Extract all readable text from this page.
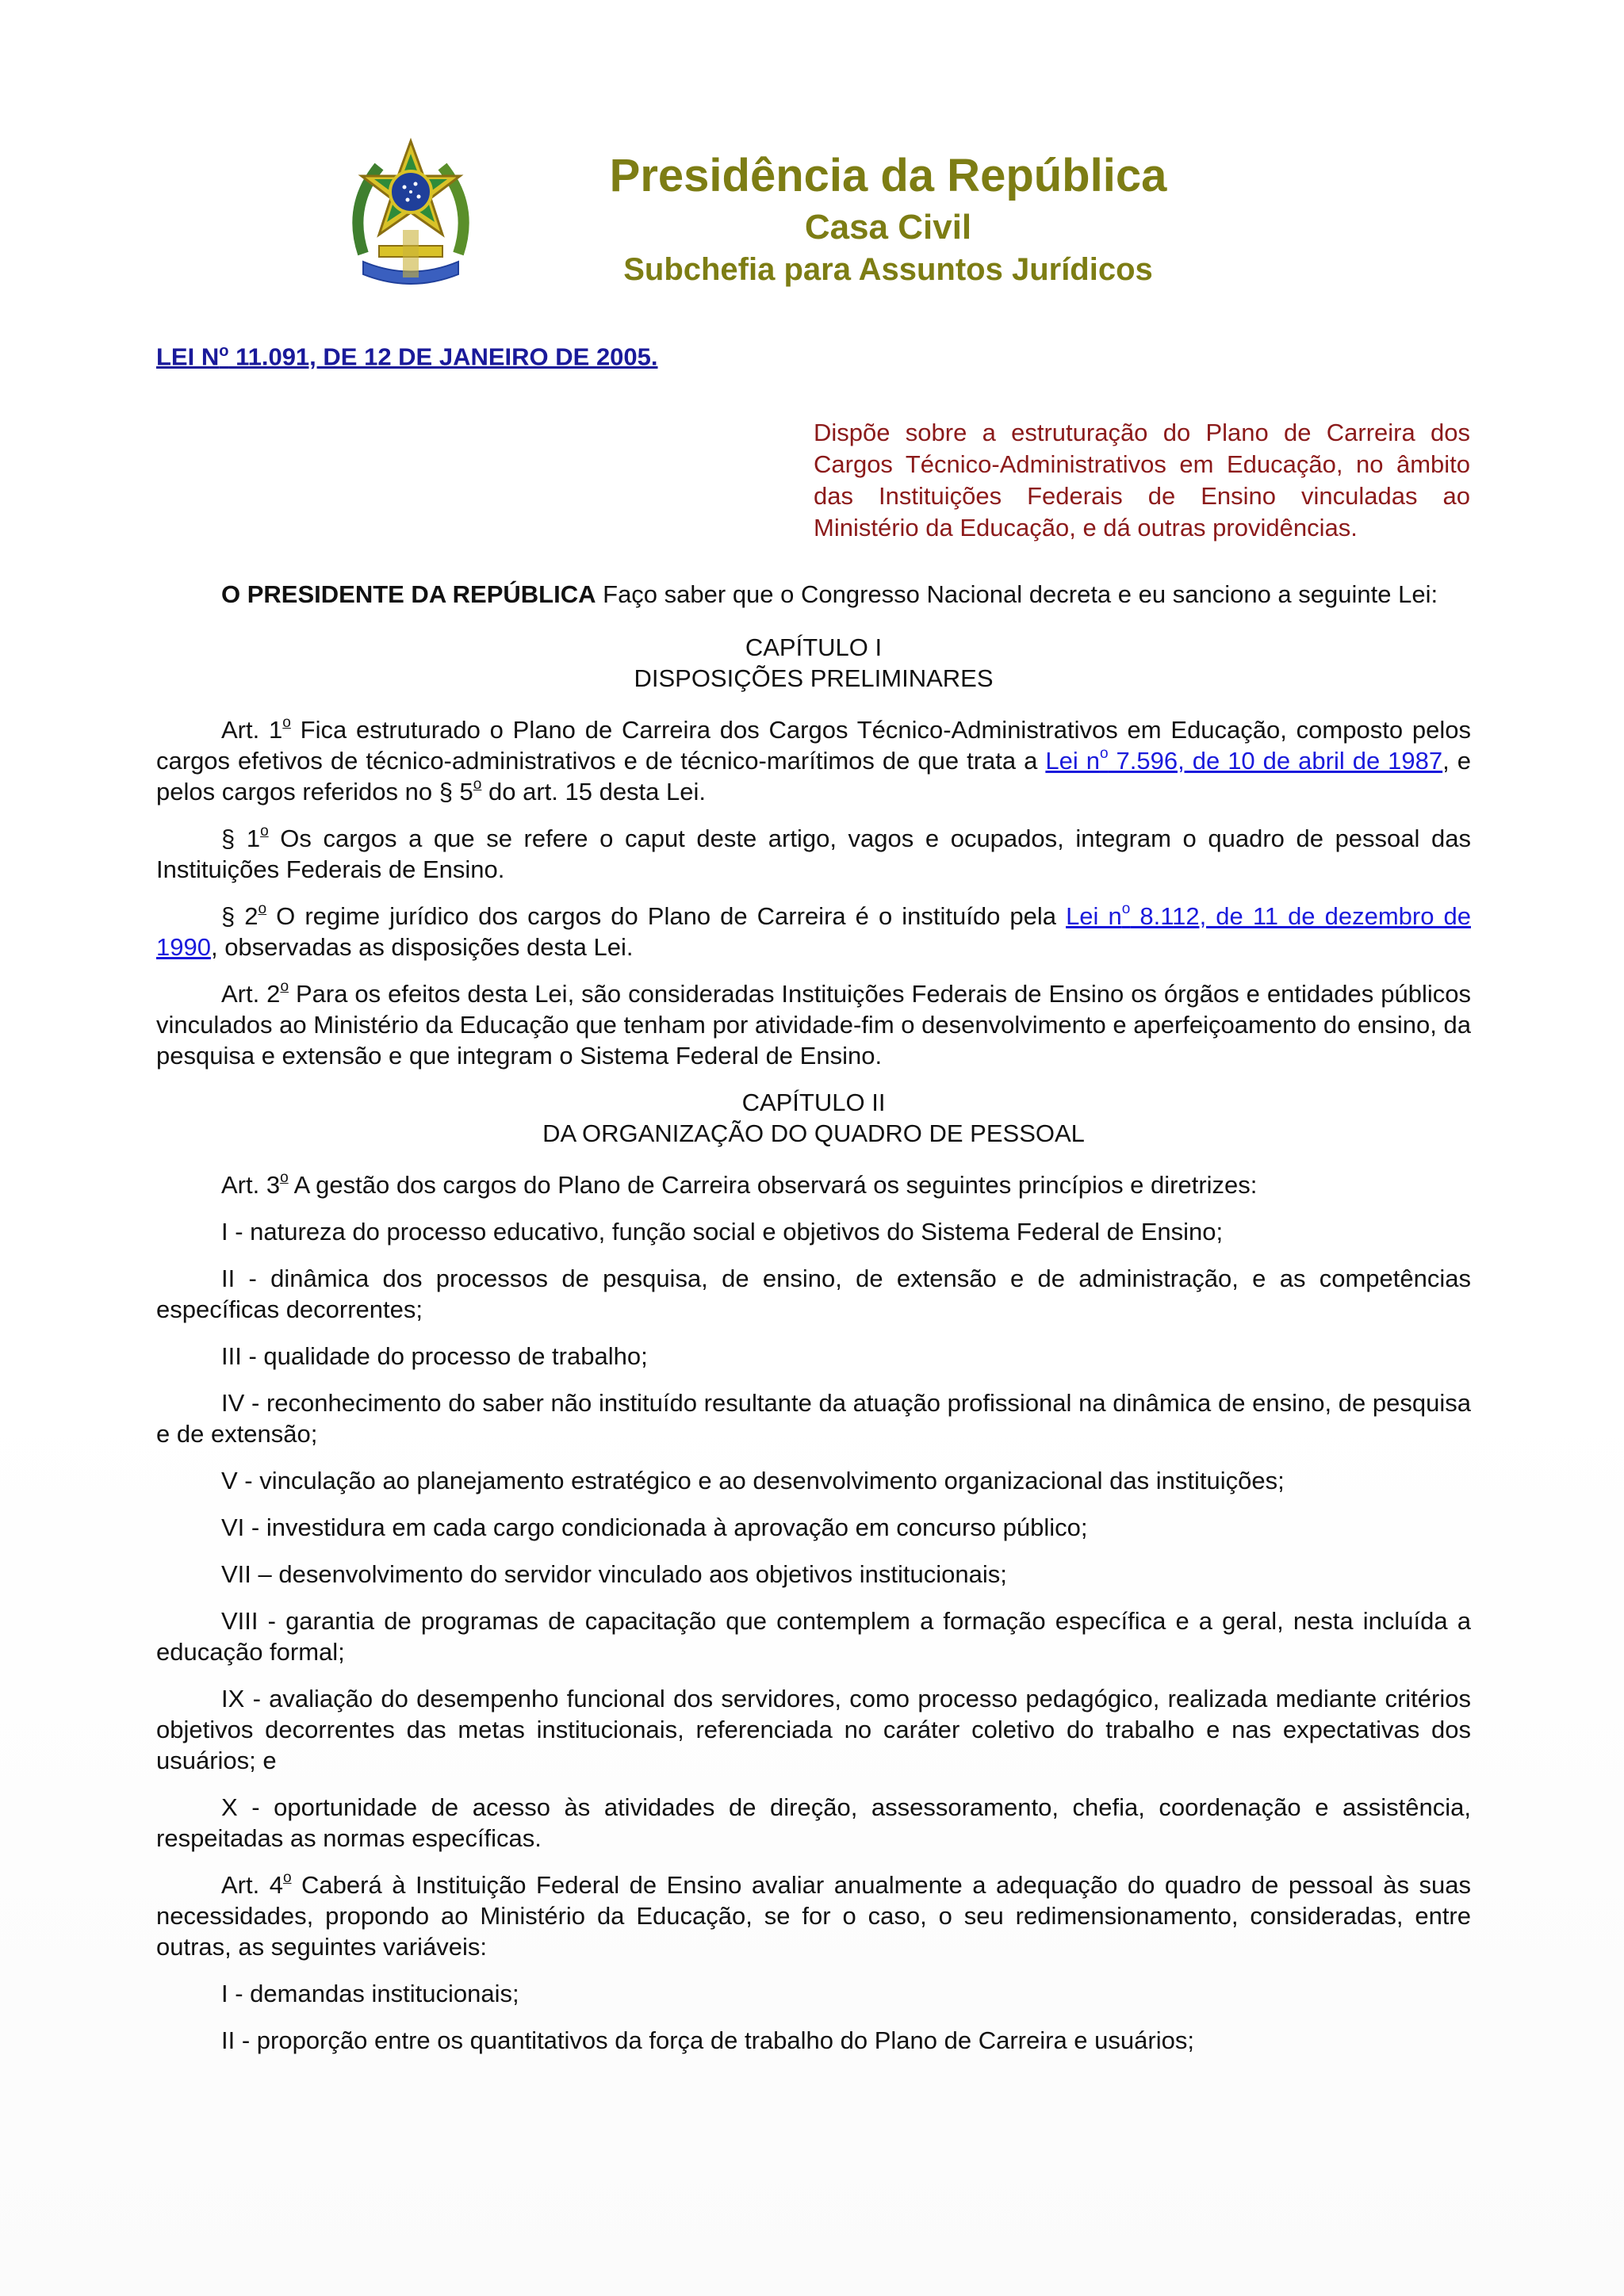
Presidência da República
Casa Civil
Subchefia para Assuntos Jurídicos
LEI $N^o$ 11.091, DE 12 DE JANEIRO DE 2005.
Dispõe sobre a estruturação do Plano de Carreira dos Cargos Técnico-Administrativos em Educação, no âmbito das Instituições Federais de Ensino vinculadas ao Ministério da Educação, e dá outras providências.

O PRESIDENTE DA REPÚBLICA Faço saber que o Congresso Nacional decreta e eu sanciono a seguinte Lei:

CAPÍTULO I
DISPOSIÇÕES PRELIMINARES

Art. 1$^o$ Fica estruturado o Plano de Carreira dos Cargos Técnico-Administrativos em Educação, composto pelos cargos efetivos de técnico-administrativos e de técnico-marítimos de que trata a Lei $n^o$ 7.596, de 10 de abril de 1987, e pelos cargos referidos no § 5$^o$ do art. 15 desta Lei.

§ 1$^o$ Os cargos a que se refere o caput deste artigo, vagos e ocupados, integram o quadro de pessoal das Instituições Federais de Ensino.

§ 2$^o$ O regime jurídico dos cargos do Plano de Carreira é o instituído pela Lei $n^o$ 8.112, de 11 de dezembro de 1990, observadas as disposições desta Lei.

Art. 2$^o$ Para os efeitos desta Lei, são consideradas Instituições Federais de Ensino os órgãos e entidades públicos vinculados ao Ministério da Educação que tenham por atividade-fim o desenvolvimento e aperfeiçoamento do ensino, da pesquisa e extensão e que integram o Sistema Federal de Ensino.

CAPÍTULO II
DA ORGANIZAÇÃO DO QUADRO DE PESSOAL

Art. 3$^o$ A gestão dos cargos do Plano de Carreira observará os seguintes princípios e diretrizes:

I - natureza do processo educativo, função social e objetivos do Sistema Federal de Ensino;

II - dinâmica dos processos de pesquisa, de ensino, de extensão e de administração, e as competências específicas decorrentes;

III - qualidade do processo de trabalho;

IV - reconhecimento do saber não instituído resultante da atuação profissional na dinâmica de ensino, de pesquisa e de extensão;

V - vinculação ao planejamento estratégico e ao desenvolvimento organizacional das instituições;

VI - investidura em cada cargo condicionada à aprovação em concurso público;

VII – desenvolvimento do servidor vinculado aos objetivos institucionais;

VIII - garantia de programas de capacitação que contemplem a formação específica e a geral, nesta incluída a educação formal;

IX - avaliação do desempenho funcional dos servidores, como processo pedagógico, realizada mediante critérios objetivos decorrentes das metas institucionais, referenciada no caráter coletivo do trabalho e nas expectativas dos usuários; e

X - oportunidade de acesso às atividades de direção, assessoramento, chefia, coordenação e assistência, respeitadas as normas específicas.

Art. 4$^o$ Caberá à Instituição Federal de Ensino avaliar anualmente a adequação do quadro de pessoal às suas necessidades, propondo ao Ministério da Educação, se for o caso, o seu redimensionamento, consideradas, entre outras, as seguintes variáveis:

I - demandas institucionais;

II - proporção entre os quantitativos da força de trabalho do Plano de Carreira e usuários;
